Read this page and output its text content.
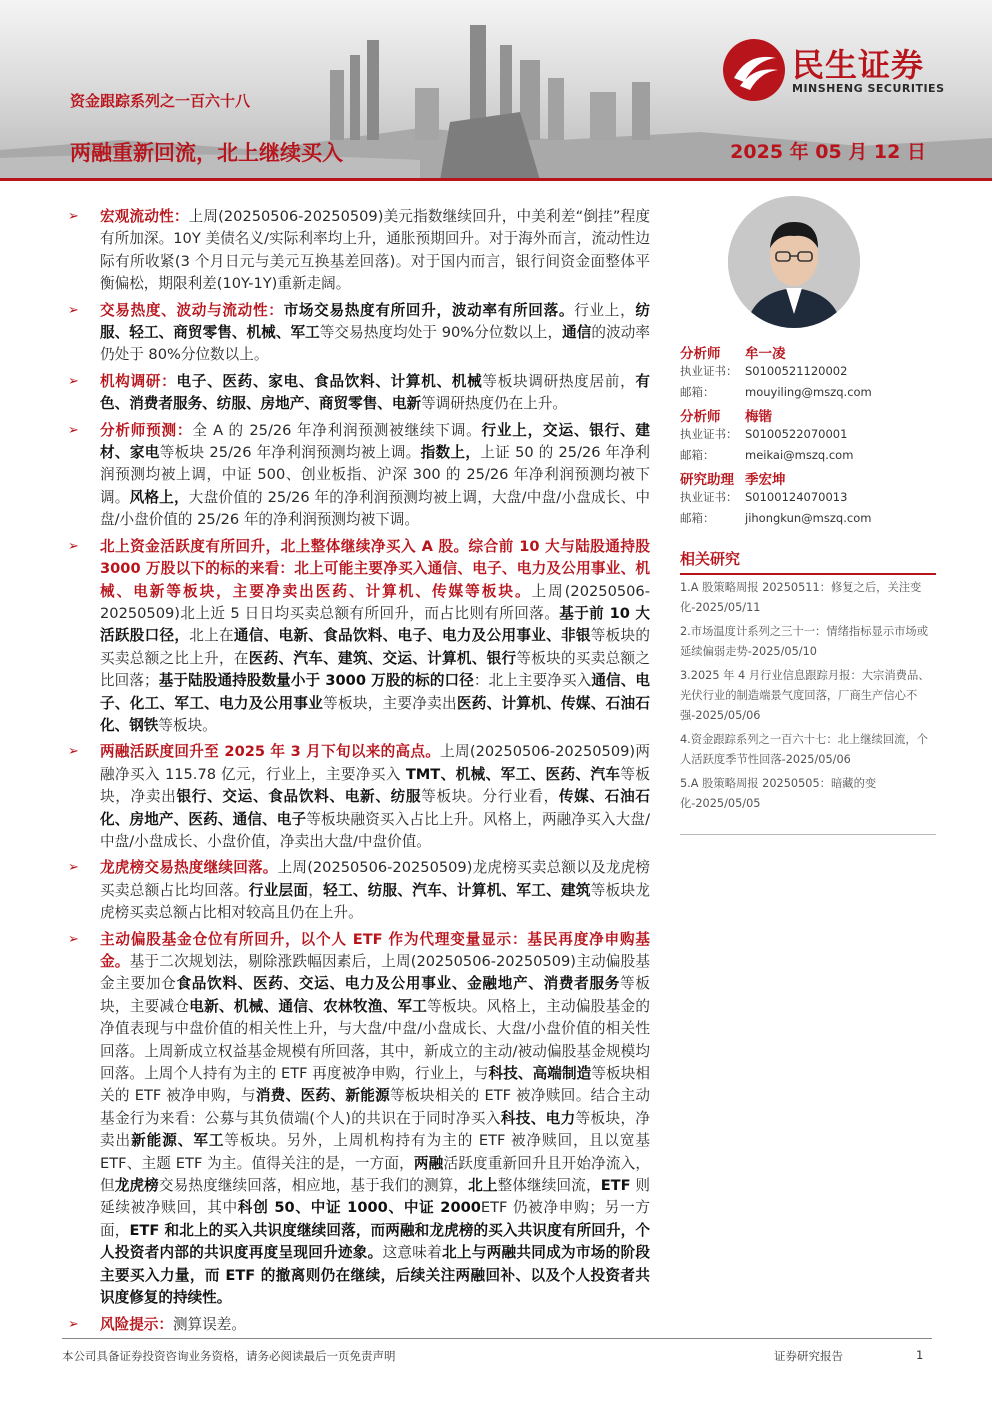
民生证券
MINSHENG SECURITIES
资金跟踪系列之一百六十八
两融重新回流，北上继续买入	2025 年 05 月 12 日
➢ 宏观流动性：上周(20250506-20250509)美元指数继续回升，中美利差“倒挂”程度有所加深。10Y 美债名义/实际利率均上升，通胀预期回升。对于海外而言，流动性边际有所收紧(3 个月日元与美元互换基差回落)。对于国内而言，银行间资金面整体平衡偏松，期限利差(10Y-1Y)重新走阔。
➢ 交易热度、波动与流动性：市场交易热度有所回升，波动率有所回落。行业上，纺服、轻工、商贸零售、机械、军工等交易热度均处于 90%分位数以上，通信的波动率仍处于 80%分位数以上。
➢ 机构调研：电子、医药、家电、食品饮料、计算机、机械等板块调研热度居前，有色、消费者服务、纺服、房地产、商贸零售、电新等调研热度仍在上升。
➢ 分析师预测：全 A 的 25/26 年净利润预测被继续下调。行业上，交运、银行、建材、家电等板块 25/26 年净利润预测均被上调。指数上，上证 50 的 25/26 年净利润预测均被上调，中证 500、创业板指、沪深 300 的 25/26 年净利润预测均被下调。风格上，大盘价值的 25/26 年的净利润预测均被上调，大盘/中盘/小盘成长、中盘/小盘价值的 25/26 年的净利润预测均被下调。
➢ 北上资金活跃度有所回升，北上整体继续净买入 A 股。综合前 10 大与陆股通持股 3000 万股以下的标的来看：北上可能主要净买入通信、电子、电力及公用事业、机械、电新等板块，主要净卖出医药、计算机、传媒等板块。上周(20250506-20250509)北上近 5 日日均买卖总额有所回升，而占比则有所回落。基于前 10 大活跃股口径，北上在通信、电新、食品饮料、电子、电力及公用事业、非银等板块的买卖总额之比上升，在医药、汽车、建筑、交运、计算机、银行等板块的买卖总额之比回落；基于陆股通持股数量小于 3000 万股的标的口径：北上主要净买入通信、电子、化工、军工、电力及公用事业等板块，主要净卖出医药、计算机、传媒、石油石化、钢铁等板块。
➢ 两融活跃度回升至 2025 年 3 月下旬以来的高点。上周(20250506-20250509)两融净买入 115.78 亿元，行业上，主要净买入 TMT、机械、军工、医药、汽车等板块，净卖出银行、交运、食品饮料、电新、纺服等板块。分行业看，传媒、石油石化、房地产、医药、通信、电子等板块融资买入占比上升。风格上，两融净买入大盘/中盘/小盘成长、小盘价值，净卖出大盘/中盘价值。
➢ 龙虎榜交易热度继续回落。上周(20250506-20250509)龙虎榜买卖总额以及龙虎榜买卖总额占比均回落。行业层面，轻工、纺服、汽车、计算机、军工、建筑等板块龙虎榜买卖总额占比相对较高且仍在上升。
➢ 主动偏股基金仓位有所回升，以个人 ETF 作为代理变量显示：基民再度净申购基金。基于二次规划法，剔除涨跌幅因素后，上周(20250506-20250509)主动偏股基金主要加仓食品饮料、医药、交运、电力及公用事业、金融地产、消费者服务等板块，主要减仓电新、机械、通信、农林牧渔、军工等板块。风格上，主动偏股基金的净值表现与中盘价值的相关性上升，与大盘/中盘/小盘成长、大盘/小盘价值的相关性回落。上周新成立权益基金规模有所回落，其中，新成立的主动/被动偏股基金规模均回落。上周个人持有为主的 ETF 再度被净申购，行业上，与科技、高端制造等板块相关的 ETF 被净申购，与消费、医药、新能源等板块相关的 ETF 被净赎回。结合主动基金行为来看：公募与其负债端(个人)的共识在于同时净买入科技、电力等板块，净卖出新能源、军工等板块。另外，上周机构持有为主的 ETF 被净赎回，且以宽基 ETF、主题 ETF 为主。值得关注的是，一方面，两融活跃度重新回升且开始净流入，但龙虎榜交易热度继续回落，相应地，基于我们的测算，北上整体继续回流，ETF 则延续被净赎回，其中科创 50、中证 1000、中证 2000ETF 仍被净申购；另一方面，ETF 和北上的买入共识度继续回落，而两融和龙虎榜的买入共识度有所回升，个人投资者内部的共识度再度呈现回升迹象。这意味着北上与两融共同成为市场的阶段主要买入力量，而 ETF 的撤离则仍在继续，后续关注两融回补、以及个人投资者共识度修复的持续性。
➢ 风险提示：测算误差。
分析师	牟一凌
执业证书： S0100521120002
邮箱：	mouyiling@mszq.com
分析师	梅锴
执业证书： S0100522070001
邮箱：	meikai@mszq.com
研究助理 季宏坤
执业证书： S0100124070013
邮箱：	jihongkun@mszq.com
相关研究
1.A 股策略周报 20250511：修复之后，关注变化-2025/05/11
2.市场温度计系列之三十一：情绪指标显示市场或延续偏弱走势-2025/05/10
3.2025 年 4 月行业信息跟踪月报：大宗消费品、光伏行业的制造端景气度回落，厂商生产信心不强-2025/05/06
4.资金跟踪系列之一百六十七：北上继续回流，个人活跃度季节性回落-2025/05/06
5.A 股策略周报 20250505：暗藏的变化-2025/05/05
本公司具备证券投资咨询业务资格，请务必阅读最后一页免责声明	证券研究报告	1
